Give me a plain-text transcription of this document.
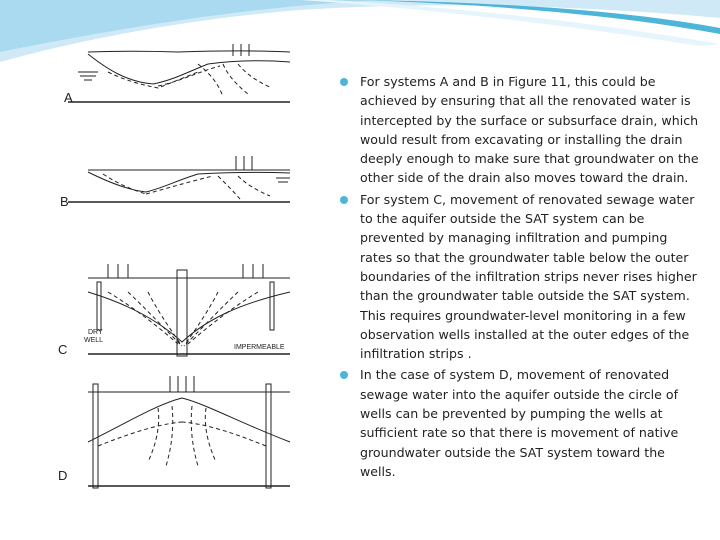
A
B
C
DRY
WELL
IMPERMEABLE
D
For systems A and B in Figure 11, this could be achieved by ensuring that all the renovated water is intercepted by the surface or subsurface drain, which would result from excavating or installing the drain deeply enough to make sure that groundwater on the other side of the drain also moves toward the drain.
For system C, movement of renovated sewage water to the aquifer outside the SAT system can be prevented by managing infiltration and pumping rates so that the groundwater table below the outer boundaries of the infiltration strips never rises higher than the groundwater table outside the SAT system. This requires groundwater-level monitoring in a few observation wells installed at the outer edges of the infiltration strips .
In the case of system D, movement of renovated sewage water into the aquifer outside the circle of wells can be prevented by pumping the wells at sufficient rate so that there is movement of native groundwater outside the SAT system toward the wells.
